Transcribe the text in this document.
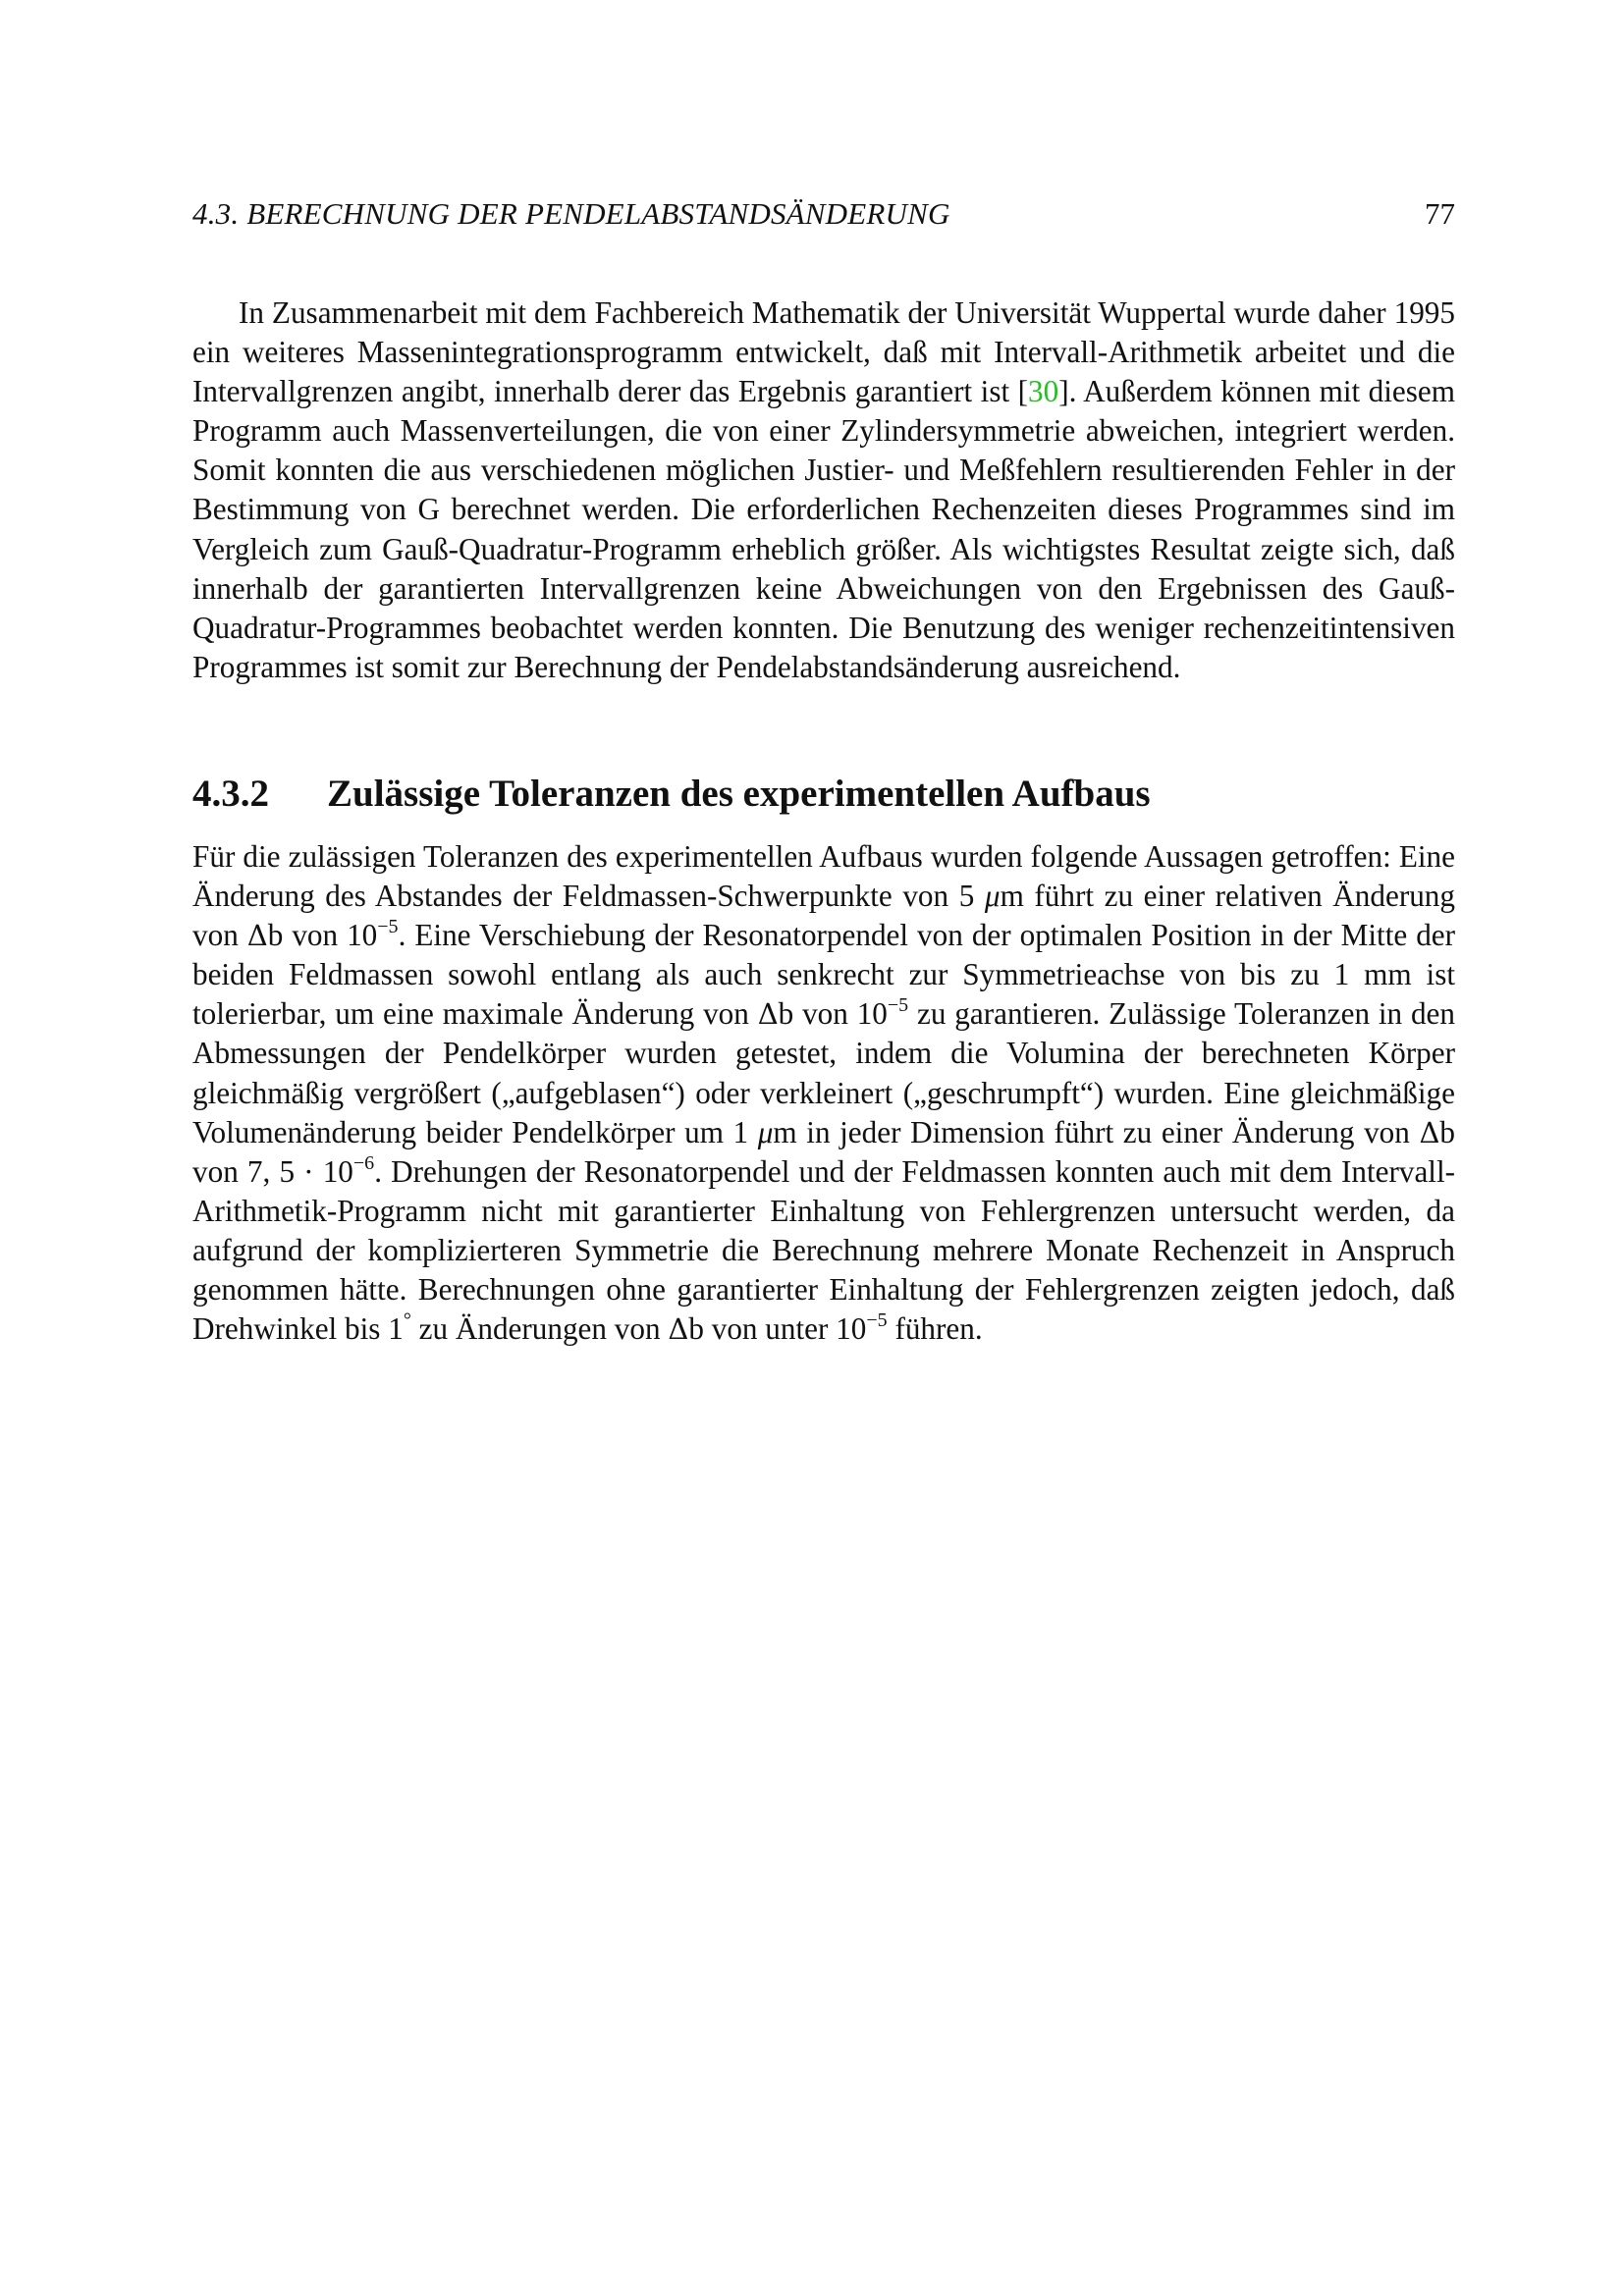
4.3. BERECHNUNG DER PENDELABSTANDSÄNDERUNG	77

In Zusammenarbeit mit dem Fachbereich Mathematik der Universität Wuppertal wurde daher 1995 ein weiteres Massenintegrationsprogramm entwickelt, daß mit Intervall-Arithmetik arbeitet und die Intervallgrenzen angibt, innerhalb derer das Ergebnis garantiert ist [30]. Außerdem können mit diesem Programm auch Massenverteilungen, die von einer Zylindersymmetrie abweichen, integriert werden. Somit konnten die aus verschiedenen möglichen Justier- und Meßfehlern resultierenden Fehler in der Bestimmung von G berechnet werden. Die erforderlichen Rechenzeiten dieses Programmes sind im Vergleich zum Gauß-Quadratur-Programm erheblich größer. Als wichtigstes Resultat zeigte sich, daß innerhalb der garantierten Intervallgrenzen keine Abweichungen von den Ergebnissen des Gauß-Quadratur-Programmes beobachtet werden konnten. Die Benutzung des weniger rechenzeitintensiven Programmes ist somit zur Berechnung der Pendelabstandsänderung ausreichend.

4.3.2 Zulässige Toleranzen des experimentellen Aufbaus

Für die zulässigen Toleranzen des experimentellen Aufbaus wurden folgende Aussagen getroffen: Eine Änderung des Abstandes der Feldmassen-Schwerpunkte von 5 μm führt zu einer relativen Änderung von Δb von $10^{-5}$. Eine Verschiebung der Resonatorpendel von der optimalen Position in der Mitte der beiden Feldmassen sowohl entlang als auch senkrecht zur Symmetrieachse von bis zu 1 mm ist tolerierbar, um eine maximale Änderung von Δb von $10^{-5}$ zu garantieren. Zulässige Toleranzen in den Abmessungen der Pendelkörper wurden getestet, indem die Volumina der berechneten Körper gleichmäßig vergrößert („aufgeblasen“) oder verkleinert („geschrumpft“) wurden. Eine gleichmäßige Volumenänderung beider Pendelkörper um 1 μm in jeder Dimension führt zu einer Änderung von Δb von 7, $5 \cdot 10^{-6}$. Drehungen der Resonatorpendel und der Feldmassen konnten auch mit dem Intervall-Arithmetik-Programm nicht mit garantierter Einhaltung von Fehlergrenzen untersucht werden, da aufgrund der komplizierteren Symmetrie die Berechnung mehrere Monate Rechenzeit in Anspruch genommen hätte. Berechnungen ohne garantierter Einhaltung der Fehlergrenzen zeigten jedoch, daß Drehwinkel bis 1° zu Änderungen von Δb von unter $10^{-5}$ führen.
